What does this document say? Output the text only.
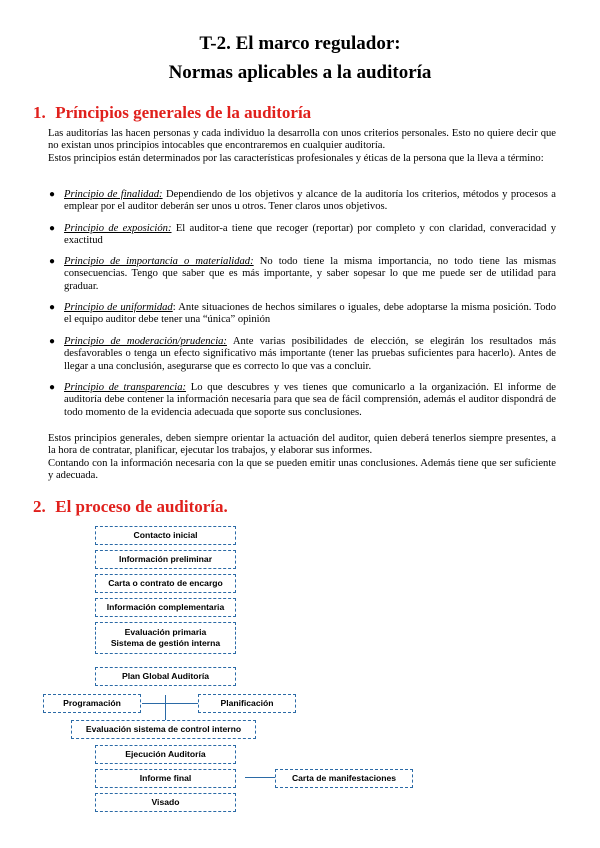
T-2. El marco regulador:
Normas aplicables a la auditoría
1. Príncipios generales de la auditoría
Las auditorías las hacen personas y cada individuo la desarrolla con unos criterios personales. Esto no quiere decir que no existan unos principios intocables que encontraremos en cualquier auditoría.
Estos principios están determinados por las características profesionales y éticas de la persona que la lleva a término:
● Principio de finalidad: Dependiendo de los objetivos y alcance de la auditoría los criterios, métodos y procesos a emplear por el auditor deberán ser unos u otros. Tener claros unos objetivos.
● Principio de exposición: El auditor-a tiene que recoger (reportar) por completo y con claridad, converacidad y exactitud
● Principio de importancia o materialidad: No todo tiene la misma importancia, no todo tiene las mismas consecuencias. Tengo que saber que es más importante, y saber sopesar lo que me puede ser de utilidad para graduar.
● Principio de uniformidad: Ante situaciones de hechos similares o iguales, debe adoptarse la misma posición. Todo el equipo auditor debe tener una “única” opinión
● Principio de moderación/prudencia: Ante varias posibilidades de elección, se elegirán los resultados más desfavorables o tenga un efecto significativo más importante (tener las pruebas suficientes para hacerlo). Antes de llegar a una conclusión, asegurarse que es correcto lo que vas a concluir.
● Principio de transparencia: Lo que descubres y ves tienes que comunicarlo a la organización. El informe de auditoría debe contener la información necesaria para que sea de fácil comprensión, además el auditor dispondrá de todo momento de la evidencia adecuada que soporte sus conclusiones.
Estos principios generales, deben siempre orientar la actuación del auditor, quien deberá tenerlos siempre presentes, a la hora de contratar, planificar, ejecutar los trabajos, y elaborar sus informes.
Contando con la información necesaria con la que se pueden emitir unas conclusiones. Además tiene que ser suficiente y adecuada.
2. El proceso de auditoría.
Contacto inicial
Información preliminar
Carta o contrato de encargo
Información complementaria
Evaluación primaria
Sistema de gestión interna
Plan Global Auditoría
Programación	Planificación
Evaluación sistema de control interno
Ejecución Auditoría
Informe final	Carta de manifestaciones
Visado
